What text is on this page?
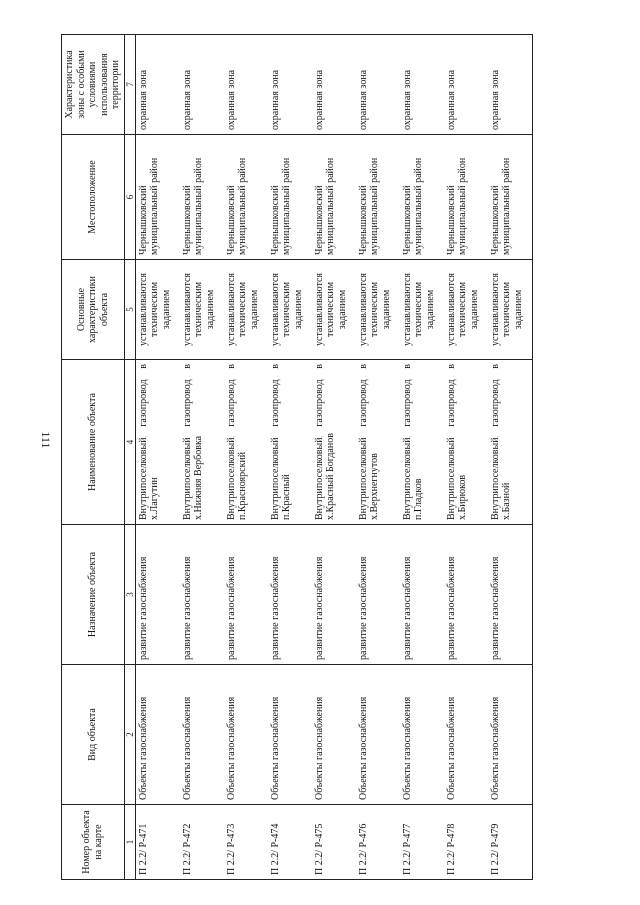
111
Номер объекта на карте	Вид объекта	Назначение объекта	Наименование объекта	Основные характеристики объекта	Местоположение	Характеристика зоны с особыми условиями использования территории
1	2	3	4	5	6	7
П 2.2/ Р-471	Объекты газоснабжения	развитие газоснабжения	Внутрипоселковый газопровод в х.Лагутин	устанавливаются техническим заданием	Чернышковский муниципальный район	охранная зона
П 2.2/ Р-472	Объекты газоснабжения	развитие газоснабжения	Внутрипоселковый газопровод в х.Нижняя Вербовка	устанавливаются техническим заданием	Чернышковский муниципальный район	охранная зона
П 2.2/ Р-473	Объекты газоснабжения	развитие газоснабжения	Внутрипоселковый газопровод в п.Красноярский	устанавливаются техническим заданием	Чернышковский муниципальный район	охранная зона
П 2.2/ Р-474	Объекты газоснабжения	развитие газоснабжения	Внутрипоселковый газопровод в п.Красный	устанавливаются техническим заданием	Чернышковский муниципальный район	охранная зона
П 2.2/ Р-475	Объекты газоснабжения	развитие газоснабжения	Внутрипоселковый газопровод в х.Красный Богданов	устанавливаются техническим заданием	Чернышковский муниципальный район	охранная зона
П 2.2/ Р-476	Объекты газоснабжения	развитие газоснабжения	Внутрипоселковый газопровод в х.Верхнегнутов	устанавливаются техническим заданием	Чернышковский муниципальный район	охранная зона
П 2.2/ Р-477	Объекты газоснабжения	развитие газоснабжения	Внутрипоселковый газопровод в п.Гладков	устанавливаются техническим заданием	Чернышковский муниципальный район	охранная зона
П 2.2/ Р-478	Объекты газоснабжения	развитие газоснабжения	Внутрипоселковый газопровод в х.Бирюков	устанавливаются техническим заданием	Чернышковский муниципальный район	охранная зона
П 2.2/ Р-479	Объекты газоснабжения	развитие газоснабжения	Внутрипоселковый газопровод в х.Базной	устанавливаются техническим заданием	Чернышковский муниципальный район	охранная зона
